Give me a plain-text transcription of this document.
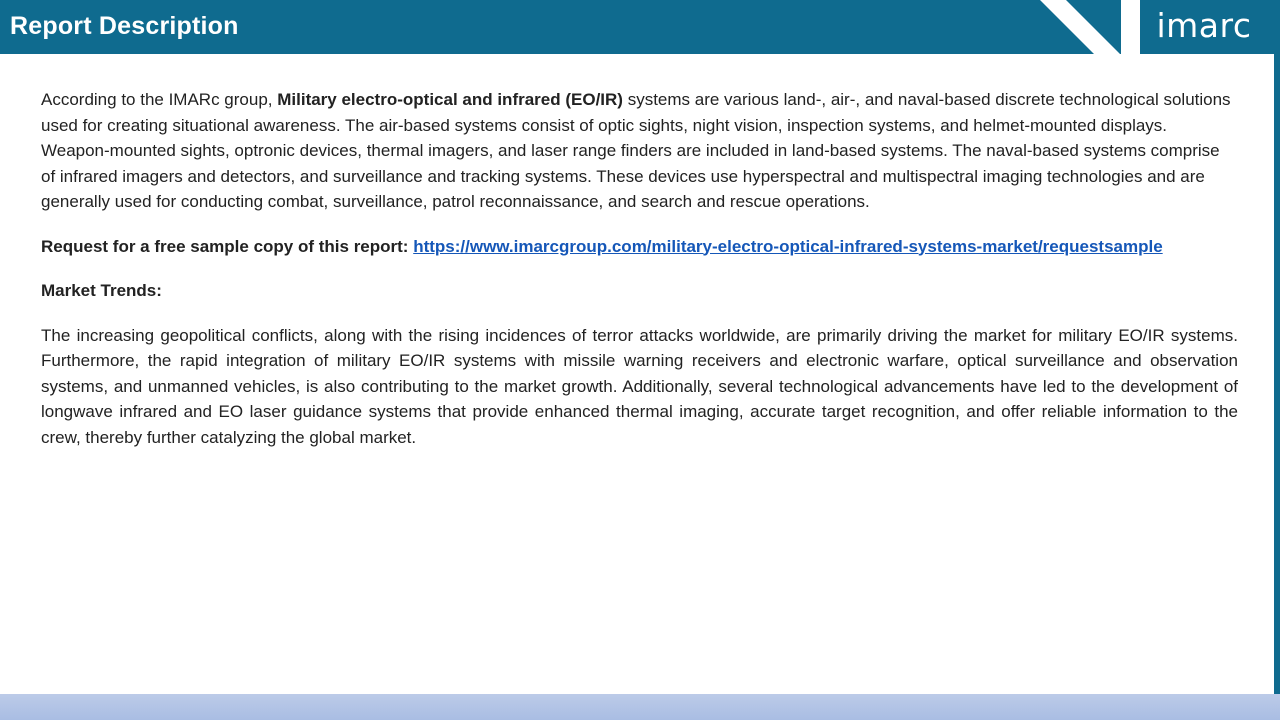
Report Description	imarc

According to the IMARc group, Military electro-optical and infrared (EO/IR) systems are various land-, air-, and naval-based discrete technological solutions used for creating situational awareness. The air-based systems consist of optic sights, night vision, inspection systems, and helmet-mounted displays. Weapon-mounted sights, optronic devices, thermal imagers, and laser range finders are included in land-based systems. The naval-based systems comprise of infrared imagers and detectors, and surveillance and tracking systems. These devices use hyperspectral and multispectral imaging technologies and are generally used for conducting combat, surveillance, patrol reconnaissance, and search and rescue operations.

Request for a free sample copy of this report: https://www.imarcgroup.com/military-electro-optical-infrared-systems-market/requestsample

Market Trends:

The increasing geopolitical conflicts, along with the rising incidences of terror attacks worldwide, are primarily driving the market for military EO/IR systems. Furthermore, the rapid integration of military EO/IR systems with missile warning receivers and electronic warfare, optical surveillance and observation systems, and unmanned vehicles, is also contributing to the market growth. Additionally, several technological advancements have led to the development of longwave infrared and EO laser guidance systems that provide enhanced thermal imaging, accurate target recognition, and offer reliable information to the crew, thereby further catalyzing the global market.
